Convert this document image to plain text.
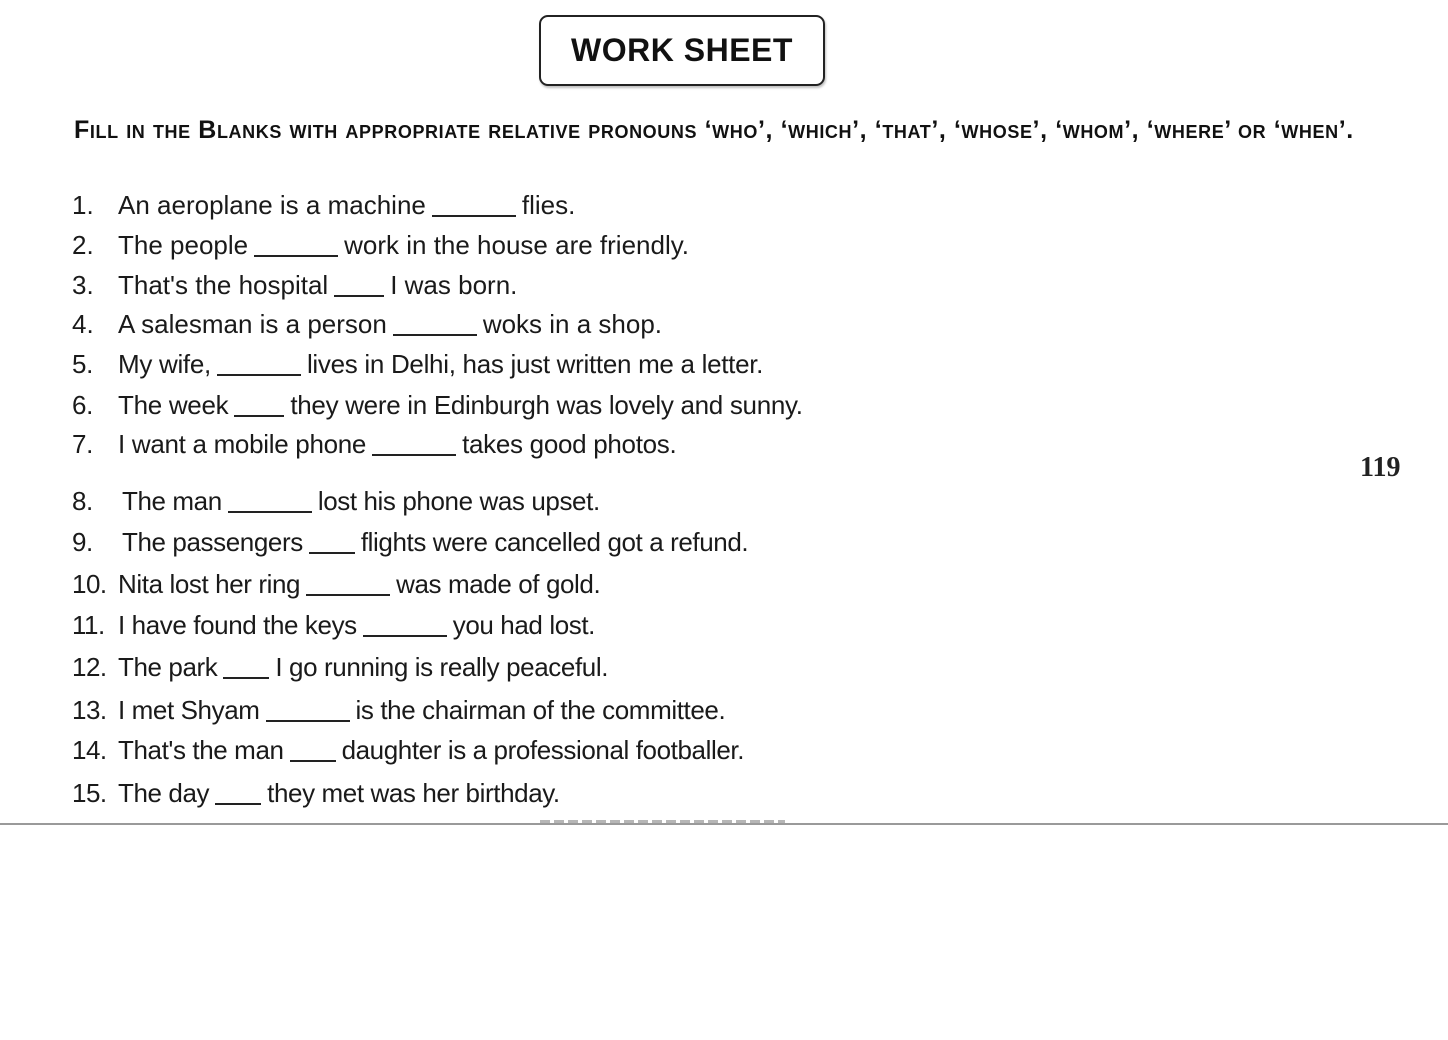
WORK SHEET
Fill in the Blanks with appropriate relative pronouns ‘who’, ‘which’, ‘that’, ‘whose’, ‘whom’, ‘where’ or ‘when’.
1. An aeroplane is a machine	flies.
2. The people	work in the house are friendly.
3. That's the hospital I was born.
4. A salesman is a person	woks in a shop.
5. My wife,	lives in Delhi, has just written me a letter.
6. The week they were in Edinburgh was lovely and sunny.
7. I want a mobile phone	takes good photos.
119
8.	The man	lost his phone was upset.
9.	The passengers flights were cancelled got a refund.
10. Nita lost her ring	was made of gold.
11. I have found the keys	you had lost.
12. The park I go running is really peaceful.
13. I met Shyam	is the chairman of the committee.
14. That's the man daughter is a professional footballer.
15. The day they met was her birthday.
